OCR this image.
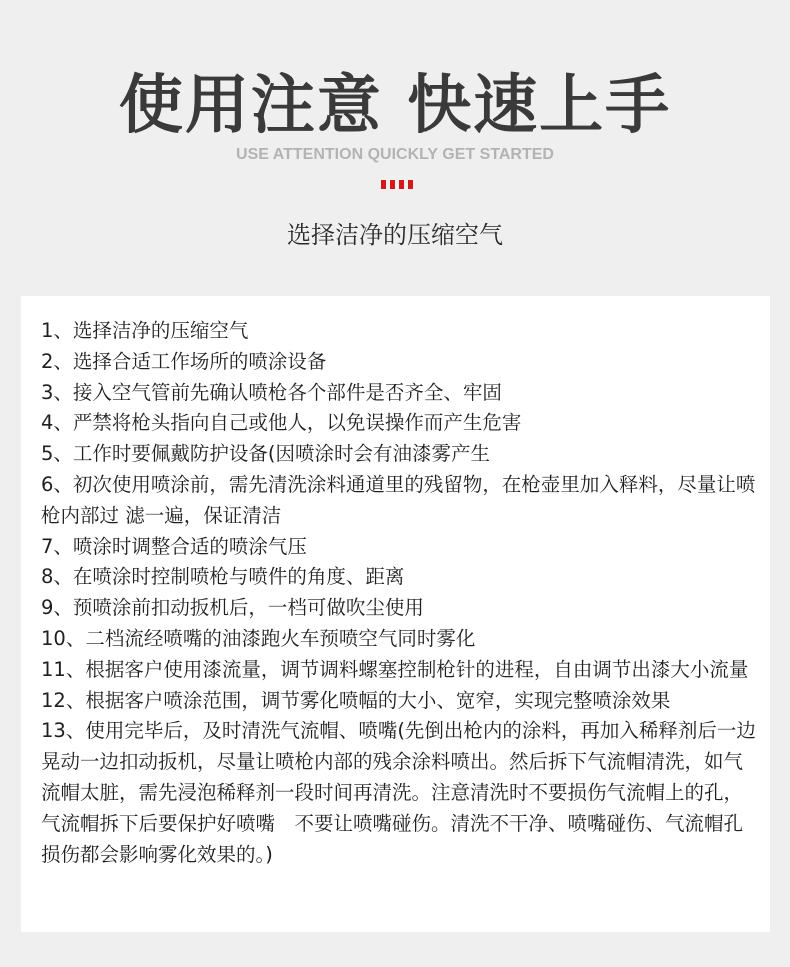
使用注意 快速上手
USE ATTENTION QUICKLY GET STARTED
选择洁净的压缩空气
1、选择洁净的压缩空气
2、选择合适工作场所的喷涂设备
3、接入空气管前先确认喷枪各个部件是否齐全、牢固
4、严禁将枪头指向自己或他人，以免误操作而产生危害
5、工作时要佩戴防护设备(因喷涂时会有油漆雾产生
6、初次使用喷涂前，需先清洗涂料通道里的残留物，在枪壶里加入释料，尽量让喷枪内部过 滤一遍，保证清洁
7、喷涂时调整合适的喷涂气压
8、在喷涂时控制喷枪与喷件的角度、距离
9、预喷涂前扣动扳机后，一档可做吹尘使用
10、二档流经喷嘴的油漆跑火车预喷空气同时雾化
11、根据客户使用漆流量，调节调料螺塞控制枪针的进程，自由调节出漆大小流量
12、根据客户喷涂范围，调节雾化喷幅的大小、宽窄，实现完整喷涂效果
13、使用完毕后，及时清洗气流帽、喷嘴(先倒出枪内的涂料，再加入稀释剂后一边晃动一边扣动扳机，尽量让喷枪内部的残余涂料喷出。然后拆下气流帽清洗，如气流帽太脏，需先浸泡稀释剂一段时间再清洗。注意清洗时不要损伤气流帽上的孔，气流帽拆下后要保护好喷嘴　不要让喷嘴碰伤。清洗不干净、喷嘴碰伤、气流帽孔损伤都会影响雾化效果的。)
